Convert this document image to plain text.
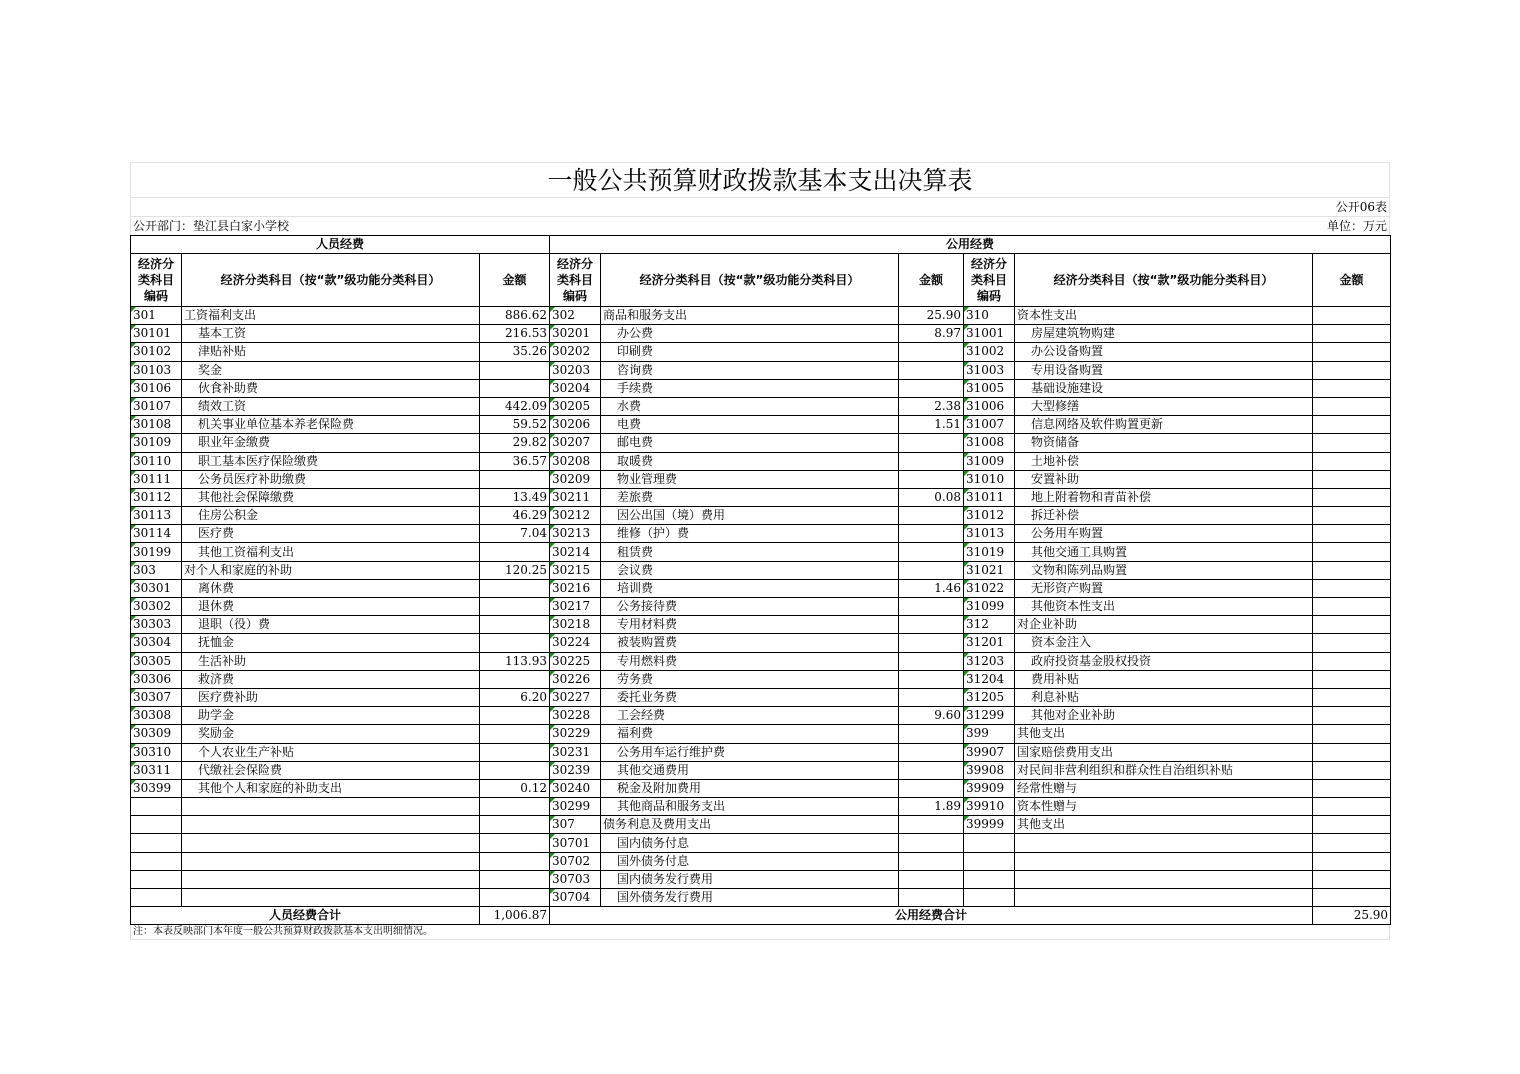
一般公共预算财政拨款基本支出决算表
公开06表
公开部门：垫江县白家小学校	单位：万元
人员经费			公用经费					
经济分类科目编码	经济分类科目（按“款”级功能分类科目）	金额	经济分类科目编码	经济分类科目（按“款”级功能分类科目）	金额	经济分类科目编码	经济分类科目（按“款”级功能分类科目）	金额
301	工资福利支出	886.62	302	商品和服务支出	25.90	310	资本性支出	
30101	基本工资	216.53	30201	办公费	8.97	31001	房屋建筑物购建	
30102	津贴补贴	35.26	30202	印刷费		31002	办公设备购置	
30103	奖金		30203	咨询费		31003	专用设备购置	
30106	伙食补助费		30204	手续费		31005	基础设施建设	
30107	绩效工资	442.09	30205	水费	2.38	31006	大型修缮	
30108	机关事业单位基本养老保险费	59.52	30206	电费	1.51	31007	信息网络及软件购置更新	
30109	职业年金缴费	29.82	30207	邮电费		31008	物资储备	
30110	职工基本医疗保险缴费	36.57	30208	取暖费		31009	土地补偿	
30111	公务员医疗补助缴费		30209	物业管理费		31010	安置补助	
30112	其他社会保障缴费	13.49	30211	差旅费	0.08	31011	地上附着物和青苗补偿	
30113	住房公积金	46.29	30212	因公出国（境）费用		31012	拆迁补偿	
30114	医疗费	7.04	30213	维修（护）费		31013	公务用车购置	
30199	其他工资福利支出		30214	租赁费		31019	其他交通工具购置	
303	对个人和家庭的补助	120.25	30215	会议费		31021	文物和陈列品购置	
30301	离休费		30216	培训费	1.46	31022	无形资产购置	
30302	退休费		30217	公务接待费		31099	其他资本性支出	
30303	退职（役）费		30218	专用材料费		312	对企业补助	
30304	抚恤金		30224	被装购置费		31201	资本金注入	
30305	生活补助	113.93	30225	专用燃料费		31203	政府投资基金股权投资	
30306	救济费		30226	劳务费		31204	费用补贴	
30307	医疗费补助	6.20	30227	委托业务费		31205	利息补贴	
30308	助学金		30228	工会经费	9.60	31299	其他对企业补助	
30309	奖励金		30229	福利费		399	其他支出	
30310	个人农业生产补贴		30231	公务用车运行维护费		39907	国家赔偿费用支出	
30311	代缴社会保险费		30239	其他交通费用		39908	对民间非营利组织和群众性自治组织补贴	
30399	其他个人和家庭的补助支出	0.12	30240	税金及附加费用		39909	经常性赠与	
			30299	其他商品和服务支出	1.89	39910	资本性赠与	
			307	债务利息及费用支出		39999	其他支出	
			30701	国内债务付息				
			30702	国外债务付息				
			30703	国内债务发行费用				
			30704	国外债务发行费用				
人员经费合计		1,006.87	公用经费合计					25.90
注：本表反映部门本年度一般公共预算财政拨款基本支出明细情况。
